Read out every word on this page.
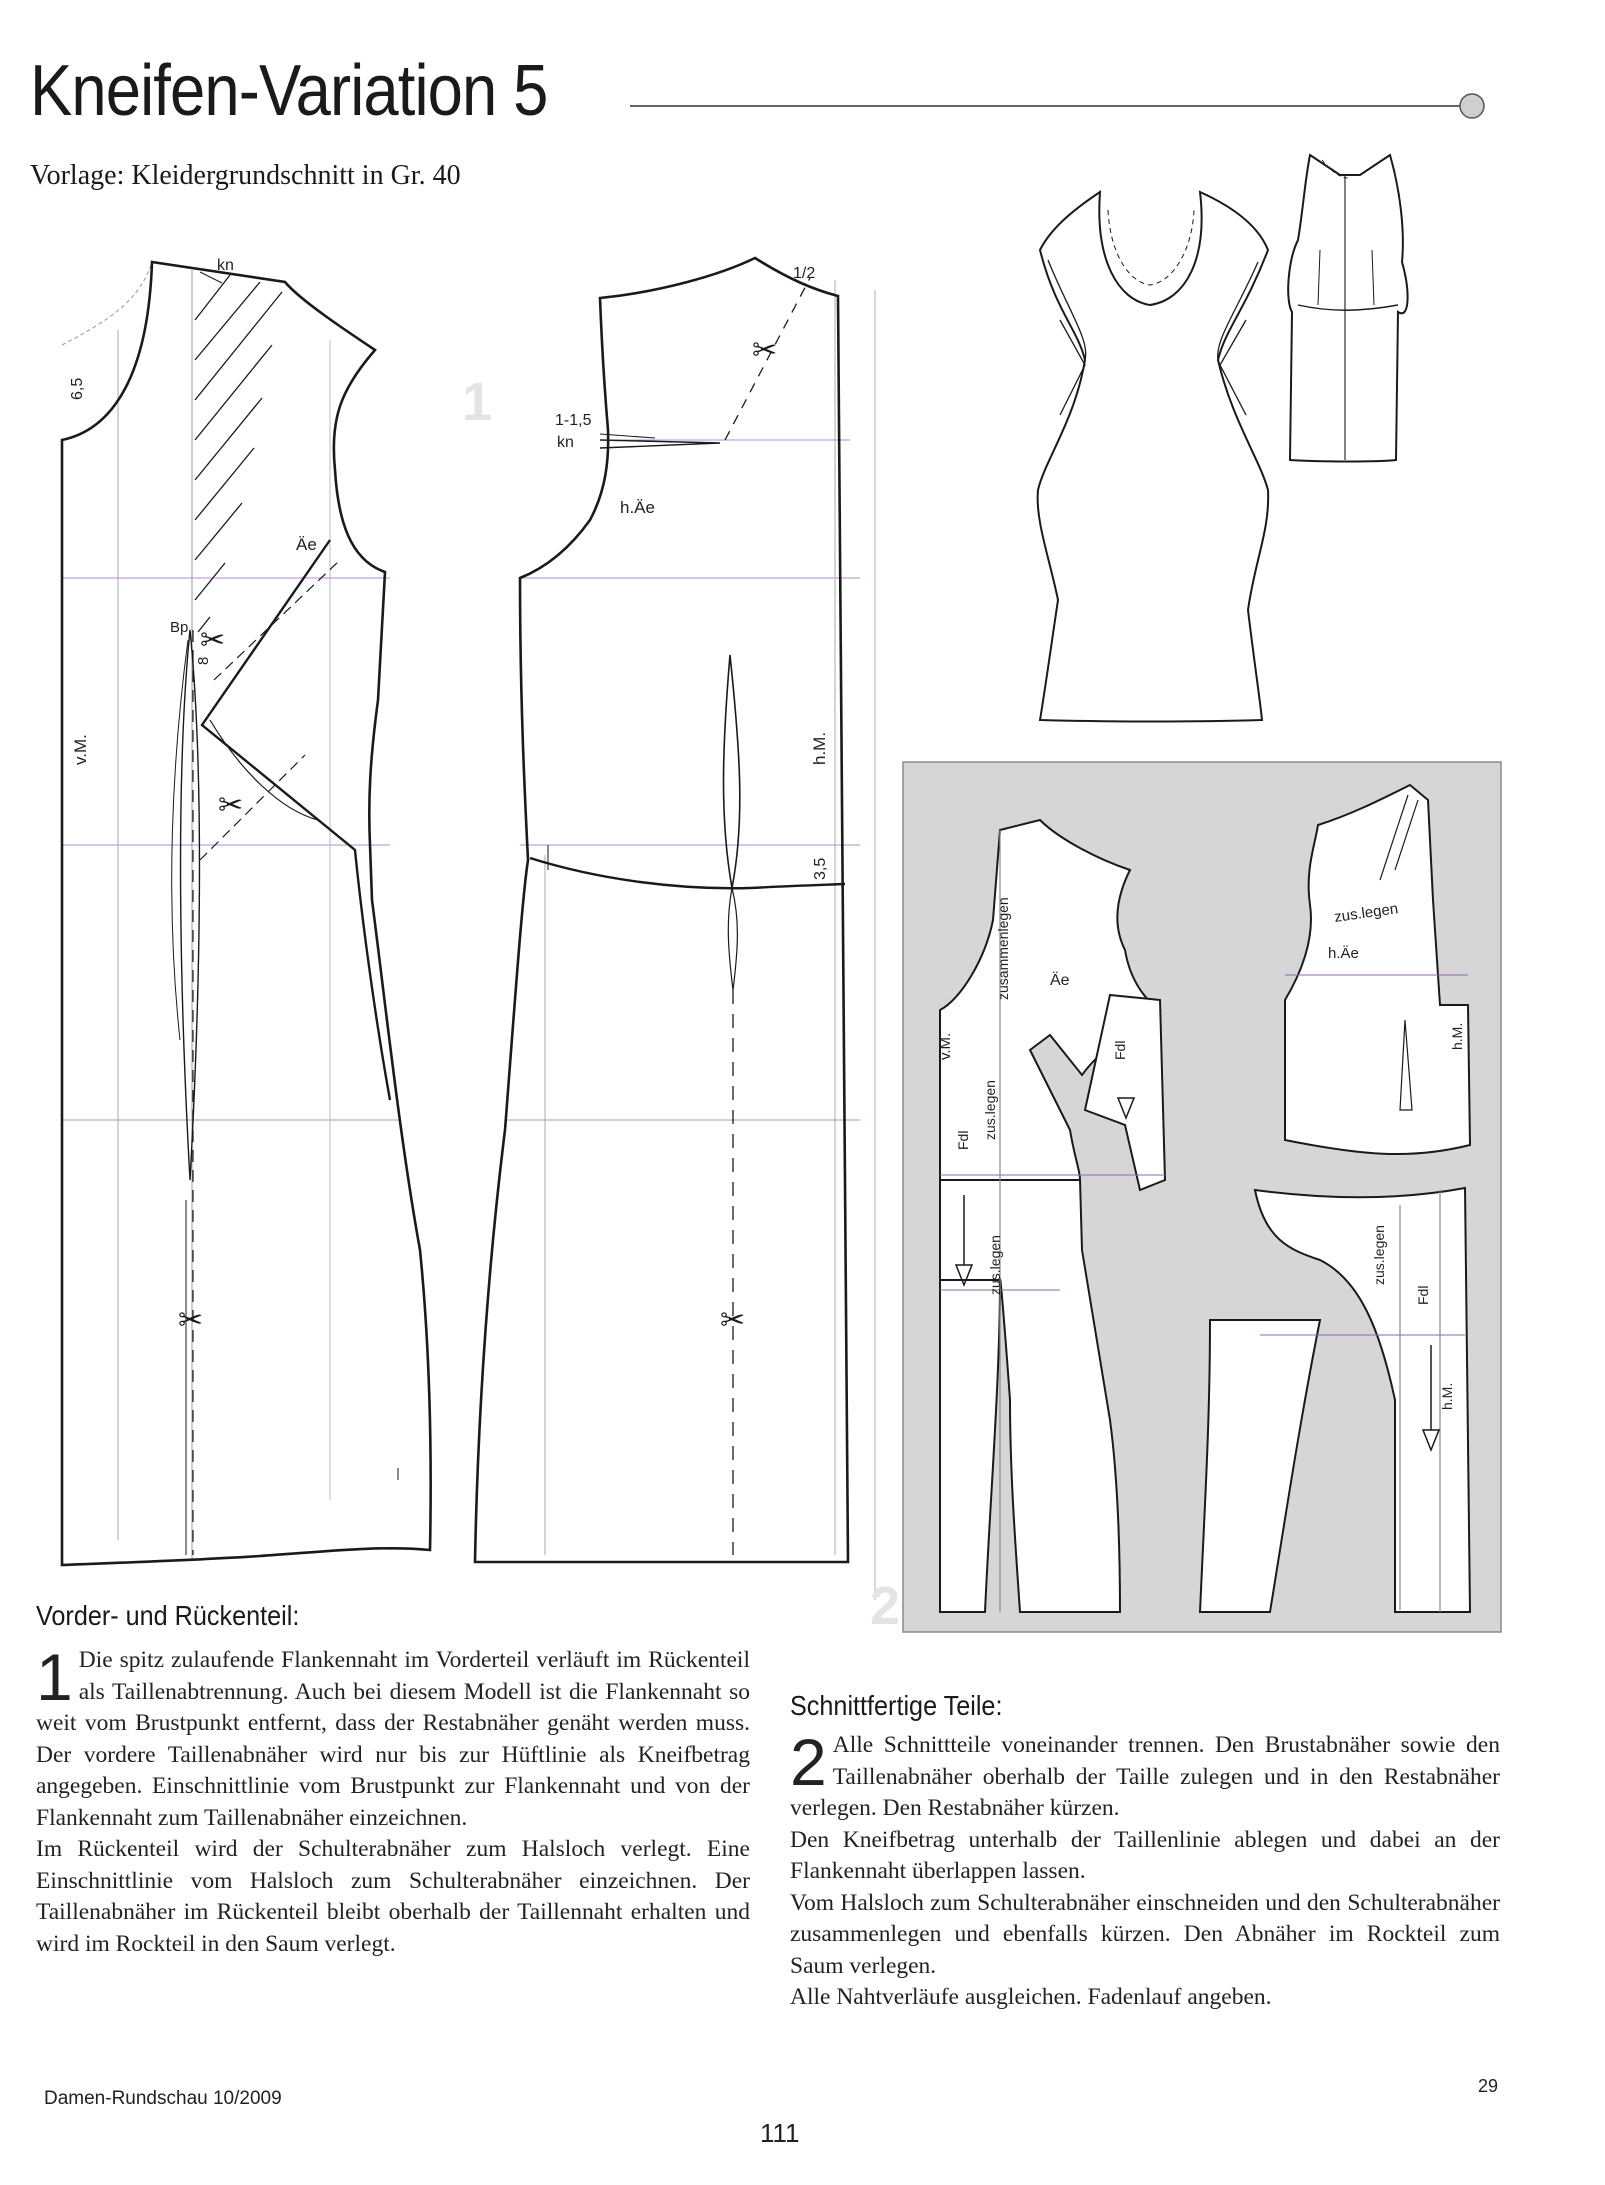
Kneifen-Variation 5
Vorlage: Kleidergrundschnitt in Gr. 40
1
2
kn
6,5
Äe
Bp
8
v.M.
1/2
1-1,5
kn
h.Äe
h.M.
3,5
✂
✂
✂
✂
✂
zusammenlegen Äe
v.M.	Fdl
zus.legen
Fdl
zus.legen
h.Äe
h.M.
zus.legen
Fdl
zus.legen
h.M.
Vorder- und Rückenteil:
1 Die spitz zulaufende Flankennaht im Vorderteil verläuft im Rückenteil als Taillenabtrennung. Auch bei diesem Modell ist die Flankennaht so weit vom Brustpunkt entfernt, dass der Restabnäher genäht werden muss. Der vordere Taillenabnäher wird nur bis zur Hüftlinie als Kneifbetrag angegeben. Einschnittlinie vom Brustpunkt zur Flankennaht und von der Flankennaht zum Taillenabnäher einzeichnen.

Im Rückenteil wird der Schulterabnäher zum Halsloch verlegt. Eine Einschnittlinie vom Halsloch zum Schulterabnäher einzeichnen. Der Taillenabnäher im Rückenteil bleibt oberhalb der Taillennaht erhalten und wird im Rockteil in den Saum verlegt.

Schnittfertige Teile:
2 Alle Schnittteile voneinander trennen. Den Brustabnäher sowie den Taillenabnäher oberhalb der Taille zulegen und in den Restabnäher verlegen. Den Restabnäher kürzen.

Den Kneifbetrag unterhalb der Taillenlinie ablegen und dabei an der Flankennaht überlappen lassen.

Vom Halsloch zum Schulterabnäher einschneiden und den Schulterabnäher zusammenlegen und ebenfalls kürzen. Den Abnäher im Rockteil zum Saum verlegen.

Alle Nahtverläufe ausgleichen. Fadenlauf angeben.

Damen-Rundschau 10/2009
111
29
